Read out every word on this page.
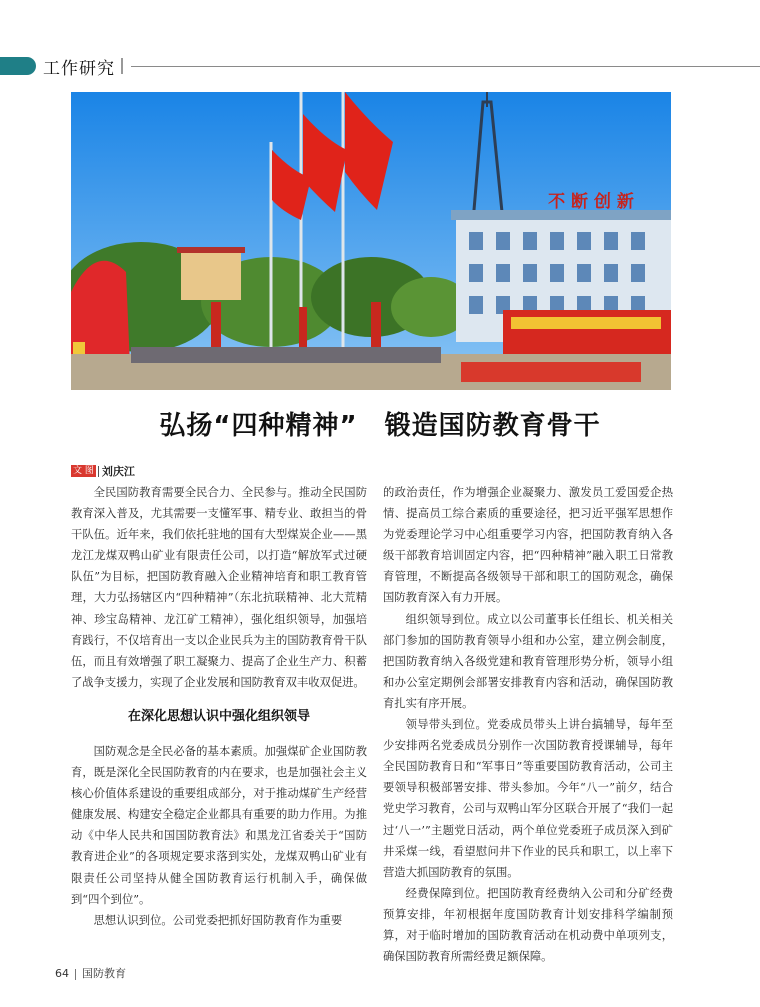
工作研究
不 断 创 新
弘扬“四种精神”　锻造国防教育骨干
文 图 刘庆江

全民国防教育需要全民合力、全民参与。推动全民国防教育深入普及，尤其需要一支懂军事、精专业、敢担当的骨干队伍。近年来，我们依托驻地的国有大型煤炭企业——黑龙江龙煤双鸭山矿业有限责任公司，以打造“解放军式过硬队伍”为目标，把国防教育融入企业精神培育和职工教育管理，大力弘扬辖区内“四种精神”（东北抗联精神、北大荒精神、珍宝岛精神、龙江矿工精神），强化组织领导，加强培育践行，不仅培育出一支以企业民兵为主的国防教育骨干队伍，而且有效增强了职工凝聚力、提高了企业生产力、积蓄了战争支援力，实现了企业发展和国防教育双丰收双促进。

在深化思想认识中强化组织领导

国防观念是全民必备的基本素质。加强煤矿企业国防教育，既是深化全民国防教育的内在要求，也是加强社会主义核心价值体系建设的重要组成部分，对于推动煤矿生产经营健康发展、构建安全稳定企业都具有重要的助力作用。为推动《中华人民共和国国防教育法》和黑龙江省委关于“国防教育进企业”的各项规定要求落到实处，龙煤双鸭山矿业有限责任公司坚持从健全国防教育运行机制入手，确保做到“四个到位”。

思想认识到位。公司党委把抓好国防教育作为重要

的政治责任，作为增强企业凝聚力、激发员工爱国爱企热情、提高员工综合素质的重要途径，把习近平强军思想作为党委理论学习中心组重要学习内容，把国防教育纳入各级干部教育培训固定内容，把“四种精神”融入职工日常教育管理，不断提高各级领导干部和职工的国防观念，确保国防教育深入有力开展。

组织领导到位。成立以公司董事长任组长、机关相关部门参加的国防教育领导小组和办公室，建立例会制度，把国防教育纳入各级党建和教育管理形势分析，领导小组和办公室定期例会部署安排教育内容和活动，确保国防教育扎实有序开展。

领导带头到位。党委成员带头上讲台搞辅导，每年至少安排两名党委成员分别作一次国防教育授课辅导，每年全民国防教育日和“军事日”等重要国防教育活动，公司主要领导积极部署安排、带头参加。今年“八一”前夕，结合党史学习教育，公司与双鸭山军分区联合开展了“我们一起过‘八一’”主题党日活动，两个单位党委班子成员深入到矿井采煤一线，看望慰问井下作业的民兵和职工，以上率下营造大抓国防教育的氛围。

经费保障到位。把国防教育经费纳入公司和分矿经费预算安排，年初根据年度国防教育计划安排科学编制预算，对于临时增加的国防教育活动在机动费中单项列支，确保国防教育所需经费足额保障。

64 国防教育
